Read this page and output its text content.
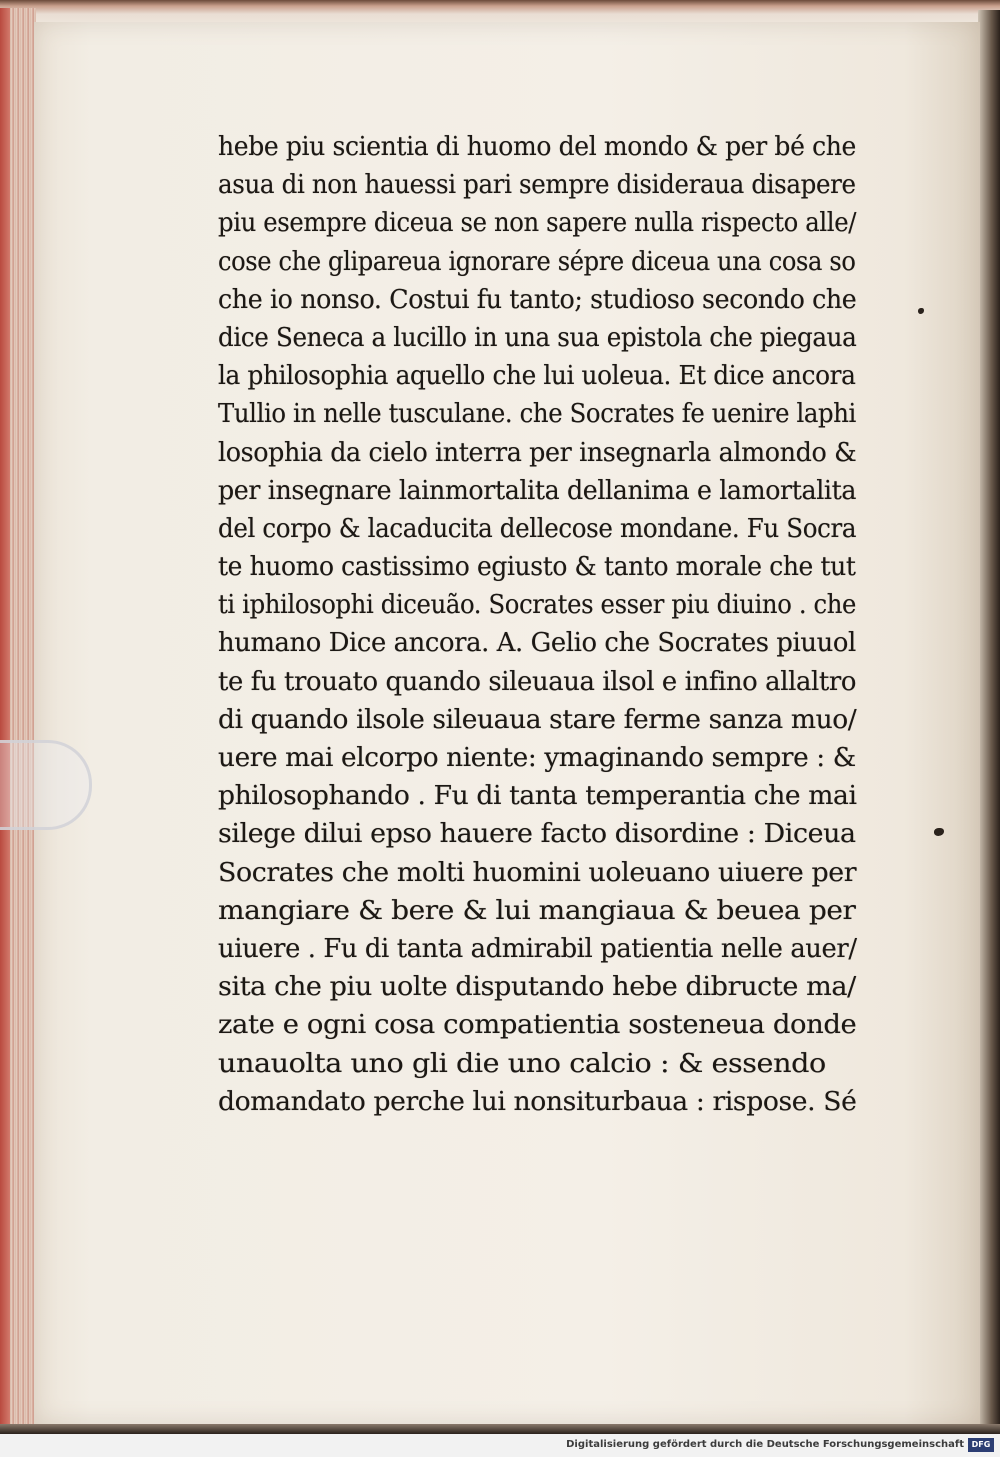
hebe piu scientia di huomo del mondo & per bé che
asua di non hauessi pari sempre disideraua disapere
piu esempre diceua se non sapere nulla rispecto alle/
cose che glipareua ignorare sépre diceua una cosa so
che io nonso. Costui fu tanto; studioso secondo che
dice Seneca a lucillo in una sua epistola che piegaua
la philosophia aquello che lui uoleua. Et dice ancora
Tullio in nelle tusculane. che Socrates fe uenire laphi
losophia da cielo interra per insegnarla almondo &
per insegnare lainmortalita dellanima e lamortalita
del corpo & lacaducita dellecose mondane. Fu Socra
te huomo castissimo egiusto & tanto morale che tut
ti iphilosophi diceuão. Socrates esser piu diuino . che
humano Dice ancora. A. Gelio che Socrates piuuol
te fu trouato quando sileuaua ilsol e infino allaltro
di quando ilsole sileuaua stare ferme sanza muo/
uere mai elcorpo niente: ymaginando sempre : &
philosophando . Fu di tanta temperantia che mai
silege dilui epso hauere facto disordine : Diceua
Socrates che molti huomini uoleuano uiuere per
mangiare & bere & lui mangiaua & beuea per
uiuere . Fu di tanta admirabil patientia nelle auer/
sita che piu uolte disputando hebe dibructe ma/
zate e ogni cosa compatientia sosteneua donde
unauolta uno gli die uno calcio : & essendo
domandato perche lui nonsiturbaua : rispose. Sé
Digitalisierung gefördert durch die Deutsche Forschungsgemeinschaft DFG
